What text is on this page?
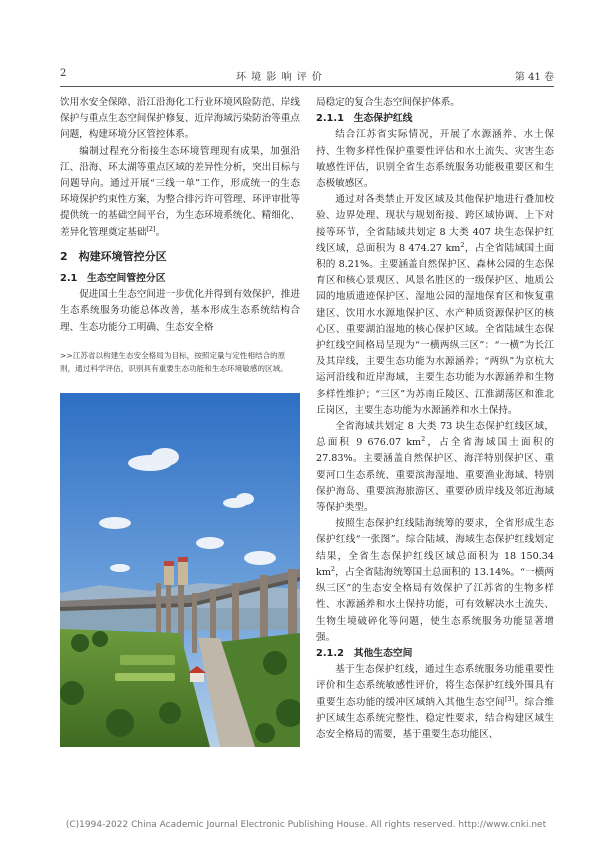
2	环 境 影 响 评 价	第 41 卷

饮用水安全保障、沿江沿海化工行业环境风险防范、岸线保护与重点生态空间保护修复、近岸海域污染防治等重点问题，构建环境分区管控体系。

编制过程充分衔接生态环境管理现有成果，加强沿江、沿海、环太湖等重点区域的差异性分析，突出目标与问题导向。通过开展“三线一单”工作，形成统一的生态环境保护约束性方案，为整合排污许可管理、环评审批等提供统一的基础空间平台，为生态环境系统化、精细化、差异化管理奠定基础[2]。

2　构建环境管控分区
2.1　生态空间管控分区

促进国土生态空间进一步优化并得到有效保护，推进生态系统服务功能总体改善，基本形成生态系统结构合理、生态功能分工明确、生态安全格

>>江苏省以构建生态安全格局为目标，按照定量与定性相结合的原则，通过科学评估，识别具有重要生态功能和生态环境敏感的区域。

局稳定的复合生态空间保护体系。

2.1.1　生态保护红线

结合江苏省实际情况，开展了水源涵养、水土保持、生物多样性保护重要性评估和水土流失、灾害生态敏感性评估，识别全省生态系统服务功能极重要区和生态极敏感区。

通过对各类禁止开发区域及其他保护地进行叠加校验、边界处理、现状与规划衔接、跨区域协调、上下对接等环节，全省陆域共划定 8 大类 407 块生态保护红线区域，总面积为 8 474.27 $km^2$，占全省陆域国土面积的 8.21%。主要涵盖自然保护区、森林公园的生态保育区和核心景观区、风景名胜区的一级保护区、地质公园的地质遗迹保护区、湿地公园的湿地保育区和恢复重建区、饮用水水源地保护区、水产种质资源保护区的核心区、重要湖泊湿地的核心保护区域。全省陆域生态保护红线空间格局呈现为“一横两纵三区”：“一横”为长江及其岸线，主要生态功能为水源涵养；“两纵”为京杭大运河沿线和近岸海域，主要生态功能为水源涵养和生物多样性维护；“三区”为苏南丘陵区、江淮湖荡区和淮北丘岗区，主要生态功能为水源涵养和水土保持。

全省海域共划定 8 大类 73 块生态保护红线区域，总面积 9 676.07 $km^2$，占全省海域国土面积的 27.83%。主要涵盖自然保护区、海洋特别保护区、重要河口生态系统、重要滨海湿地、重要渔业海域、特别保护海岛、重要滨海旅游区、重要砂质岸线及邻近海域等保护类型。

按照生态保护红线陆海统筹的要求，全省形成生态保护红线“一张图”。综合陆域、海域生态保护红线划定结果，全省生态保护红线区域总面积为 18 150.34 $km^2$，占全省陆海统筹国土总面积的 13.14%。“一横两纵三区”的生态安全格局有效保护了江苏省的生物多样性、水源涵养和水土保持功能，可有效解决水土流失、生物生境破碎化等问题，使生态系统服务功能显著增强。

2.1.2　其他生态空间

基于生态保护红线，通过生态系统服务功能重要性评价和生态系统敏感性评价，将生态保护红线外围具有重要生态功能的缓冲区域纳入其他生态空间[3]。综合维护区域生态系统完整性、稳定性要求，结合构建区域生态安全格局的需要，基于重要生态功能区、

(C)1994-2022 China Academic Journal Electronic Publishing House. All rights reserved. http://www.cnki.net
